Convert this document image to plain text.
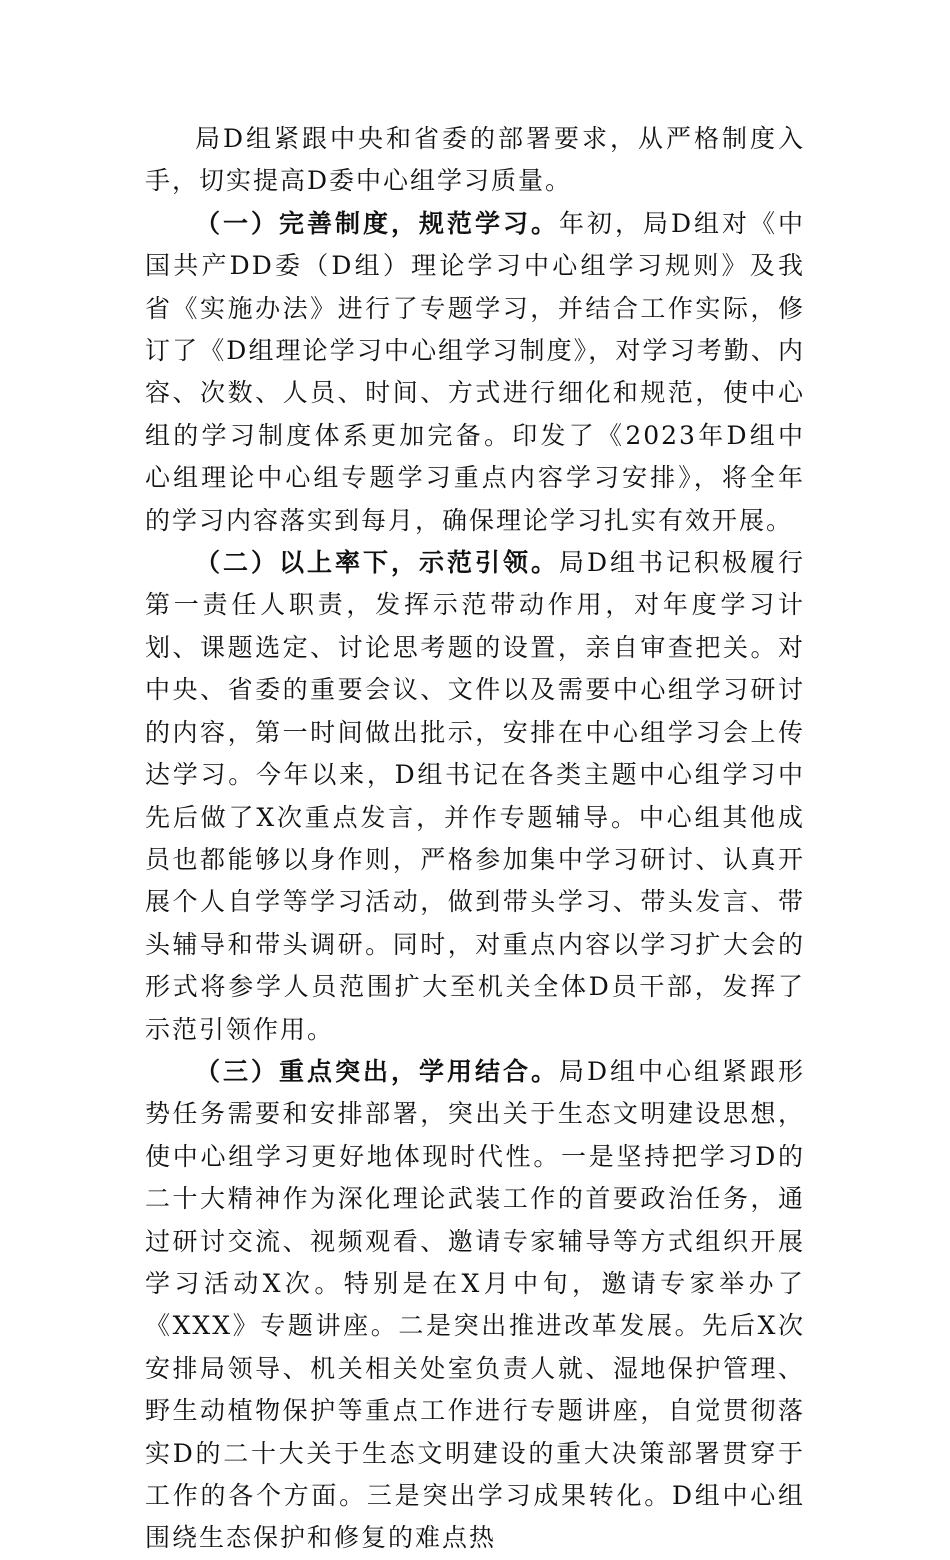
局D组紧跟中央和省委的部署要求，从严格制度入手，切实提高D委中心组学习质量。

（一）完善制度，规范学习。年初，局D组对《中国共产DD委（D组）理论学习中心组学习规则》及我省《实施办法》进行了专题学习，并结合工作实际，修订了《D组理论学习中心组学习制度》，对学习考勤、内容、次数、人员、时间、方式进行细化和规范，使中心组的学习制度体系更加完备。印发了《2023年D组中心组理论中心组专题学习重点内容学习安排》，将全年的学习内容落实到每月，确保理论学习扎实有效开展。

（二）以上率下，示范引领。局D组书记积极履行第一责任人职责，发挥示范带动作用，对年度学习计划、课题选定、讨论思考题的设置，亲自审查把关。对中央、省委的重要会议、文件以及需要中心组学习研讨的内容，第一时间做出批示，安排在中心组学习会上传达学习。今年以来，D组书记在各类主题中心组学习中先后做了X次重点发言，并作专题辅导。中心组其他成员也都能够以身作则，严格参加集中学习研讨、认真开展个人自学等学习活动，做到带头学习、带头发言、带头辅导和带头调研。同时，对重点内容以学习扩大会的形式将参学人员范围扩大至机关全体D员干部，发挥了示范引领作用。

（三）重点突出，学用结合。局D组中心组紧跟形势任务需要和安排部署，突出关于生态文明建设思想，使中心组学习更好地体现时代性。一是坚持把学习D的二十大精神作为深化理论武装工作的首要政治任务，通过研讨交流、视频观看、邀请专家辅导等方式组织开展学习活动X次。特别是在X月中旬，邀请专家举办了《XXX》专题讲座。二是突出推进改革发展。先后X次安排局领导、机关相关处室负责人就、湿地保护管理、野生动植物保护等重点工作进行专题讲座，自觉贯彻落实D的二十大关于生态文明建设的重大决策部署贯穿于工作的各个方面。三是突出学习成果转化。D组中心组围绕生态保护和修复的难点热
